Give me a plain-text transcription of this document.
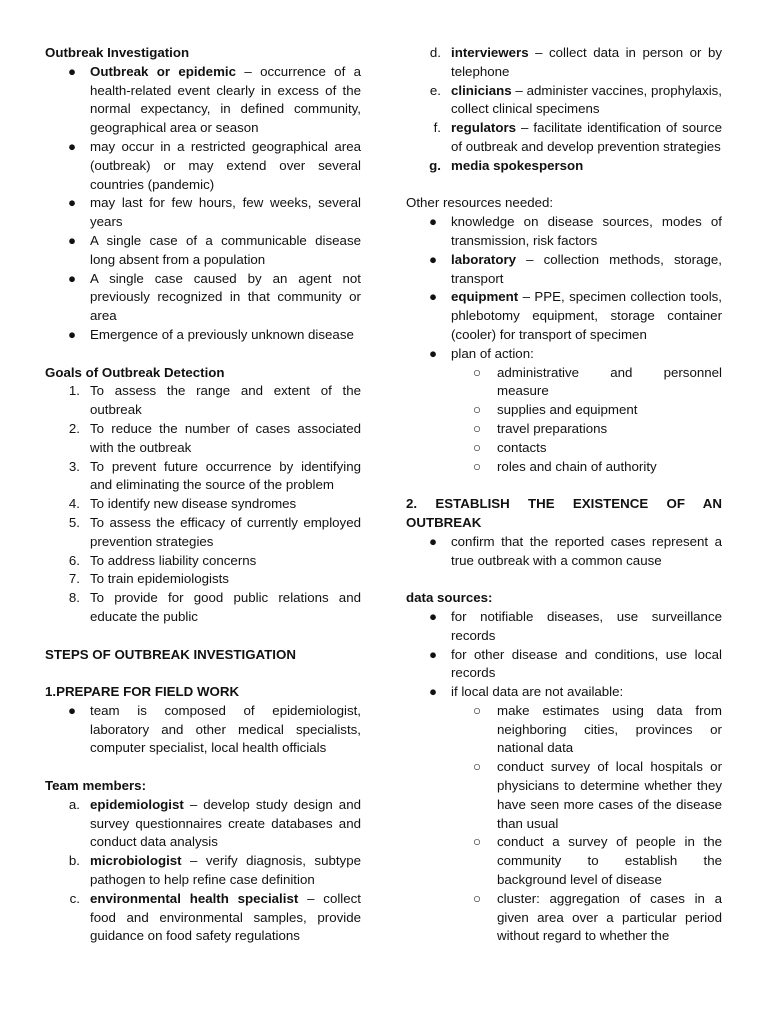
Outbreak Investigation

● Outbreak or epidemic – occurrence of a health-related event clearly in excess of the normal expectancy, in defined community, geographical area or season
● may occur in a restricted geographical area (outbreak) or may extend over several countries (pandemic)
● may last for few hours, few weeks, several years
● A single case of a communicable disease long absent from a population
● A single case caused by an agent not previously recognized in that community or area
● Emergence of a previously unknown disease

Goals of Outbreak Detection

1. To assess the range and extent of the outbreak
2. To reduce the number of cases associated with the outbreak
3. To prevent future occurrence by identifying and eliminating the source of the problem
4. To identify new disease syndromes
5. To assess the efficacy of currently employed prevention strategies
6. To address liability concerns
7. To train epidemiologists
8. To provide for good public relations and educate the public

STEPS OF OUTBREAK INVESTIGATION

1.PREPARE FOR FIELD WORK

● team is composed of epidemiologist, laboratory and other medical specialists, computer specialist, local health officials

Team members:

a. epidemiologist – develop study design and survey questionnaires create databases and conduct data analysis
b. microbiologist – verify diagnosis, subtype pathogen to help refine case definition
c. environmental health specialist – collect food and environmental samples, provide guidance on food safety regulations
d. interviewers – collect data in person or by telephone
e. clinicians – administer vaccines, prophylaxis, collect clinical specimens
f. regulators – facilitate identification of source of outbreak and develop prevention strategies
g. media spokesperson

Other resources needed:

● knowledge on disease sources, modes of transmission, risk factors
● laboratory – collection methods, storage, transport
● equipment – PPE, specimen collection tools, phlebotomy equipment, storage container (cooler) for transport of specimen
● plan of action:
○ administrative and personnel measure
○ supplies and equipment
○ travel preparations
○ contacts
○ roles and chain of authority

2. ESTABLISH THE EXISTENCE OF AN OUTBREAK

● confirm that the reported cases represent a true outbreak with a common cause

data sources:

● for notifiable diseases, use surveillance records
● for other disease and conditions, use local records
● if local data are not available:
○ make estimates using data from neighboring cities, provinces or national data
○ conduct survey of local hospitals or physicians to determine whether they have seen more cases of the disease than usual
○ conduct a survey of people in the community to establish the background level of disease
○ cluster: aggregation of cases in a given area over a particular period without regard to whether the
